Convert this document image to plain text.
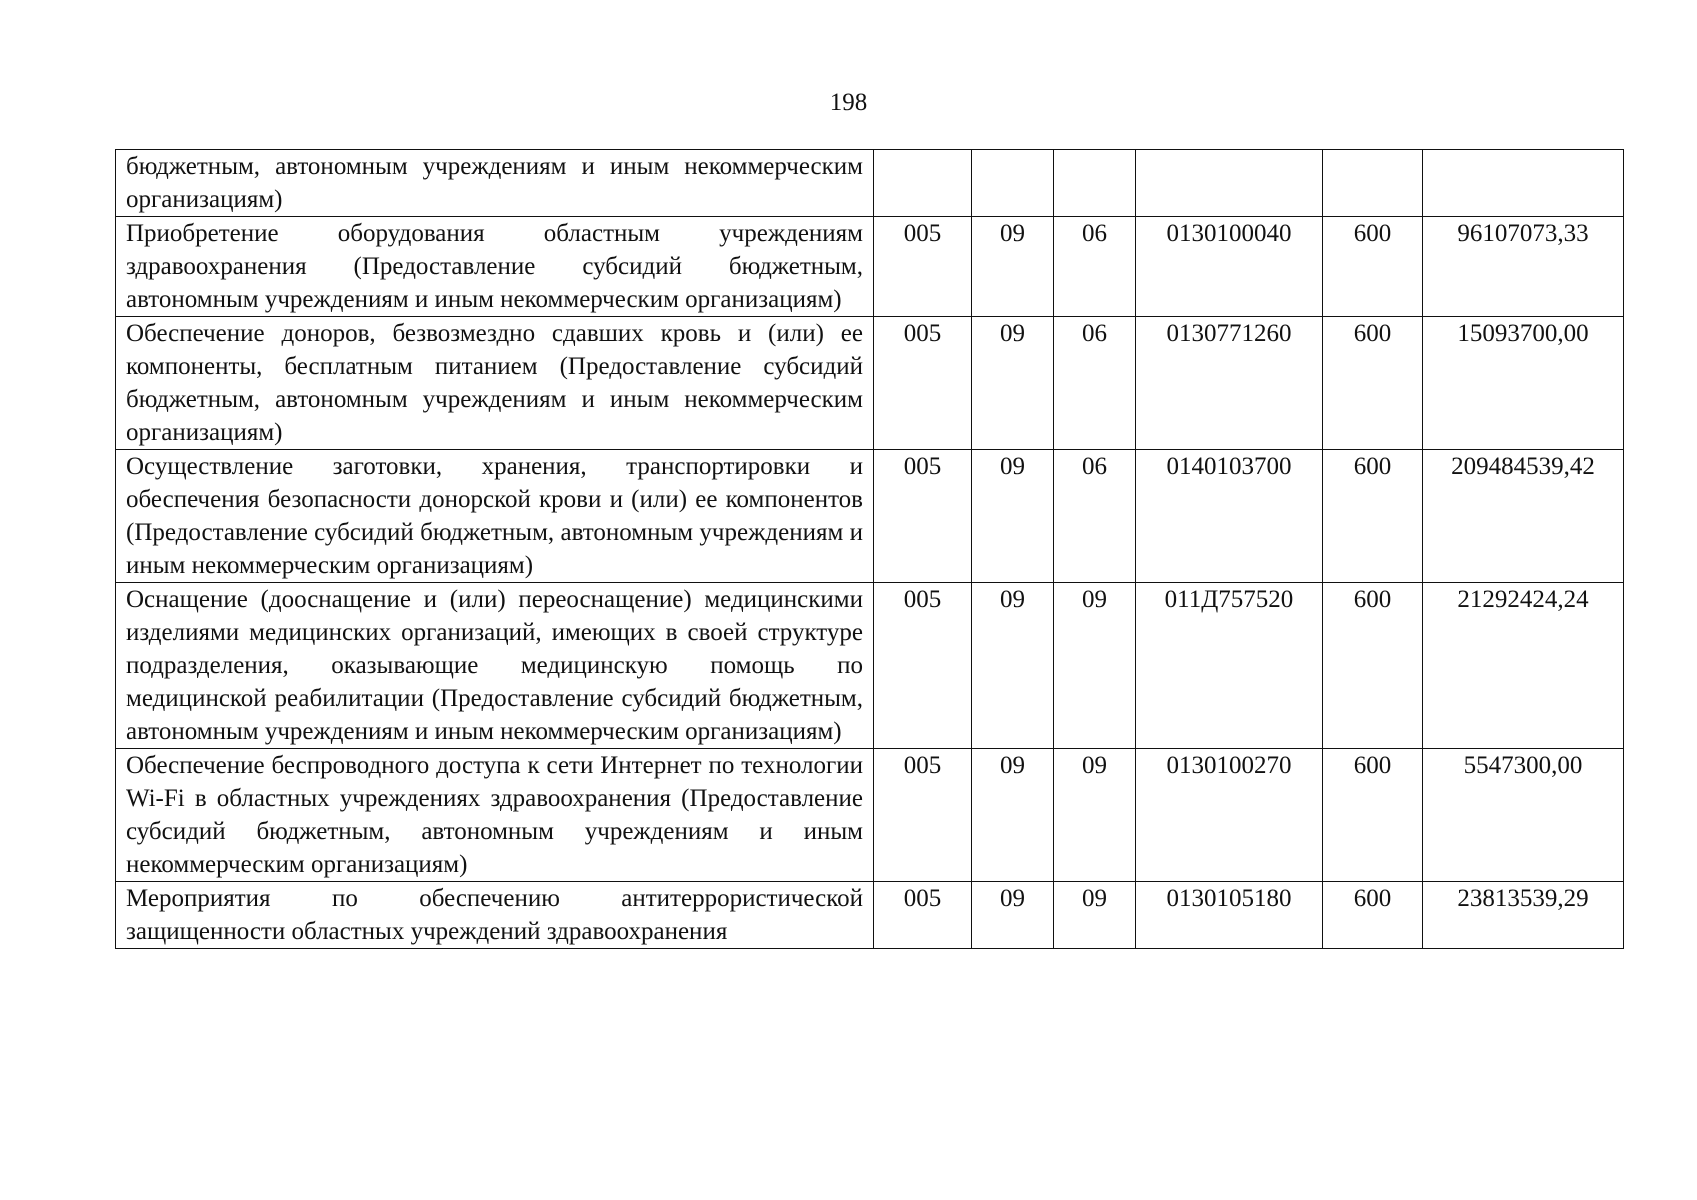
198
бюджетным, автономным учреждениям и иным некоммерческим организациям)						
Приобретение оборудования областным учреждениям здравоохранения (Предоставление субсидий бюджетным, автономным учреждениям и иным некоммерческим организациям)	005	09	06	0130100040	600	96107073,33
Обеспечение доноров, безвозмездно сдавших кровь и (или) ее компоненты, бесплатным питанием (Предоставление субсидий бюджетным, автономным учреждениям и иным некоммерческим организациям)	005	09	06	0130771260	600	15093700,00
Осуществление заготовки, хранения, транспортировки и обеспечения безопасности донорской крови и (или) ее компонентов (Предоставление субсидий бюджетным, автономным учреждениям и иным некоммерческим организациям)	005	09	06	0140103700	600	209484539,42
Оснащение (дооснащение и (или) переоснащение) медицинскими изделиями медицинских организаций, имеющих в своей структуре подразделения, оказывающие медицинскую помощь по медицинской реабилитации (Предоставление субсидий бюджетным, автономным учреждениям и иным некоммерческим организациям)	005	09	09	011Д757520	600	21292424,24
Обеспечение беспроводного доступа к сети Интернет по технологии Wi-Fi в областных учреждениях здравоохранения (Предоставление субсидий бюджетным, автономным учреждениям и иным некоммерческим организациям)	005	09	09	0130100270	600	5547300,00
Мероприятия по обеспечению антитеррористической защищенности областных учреждений здравоохранения	005	09	09	0130105180	600	23813539,29
